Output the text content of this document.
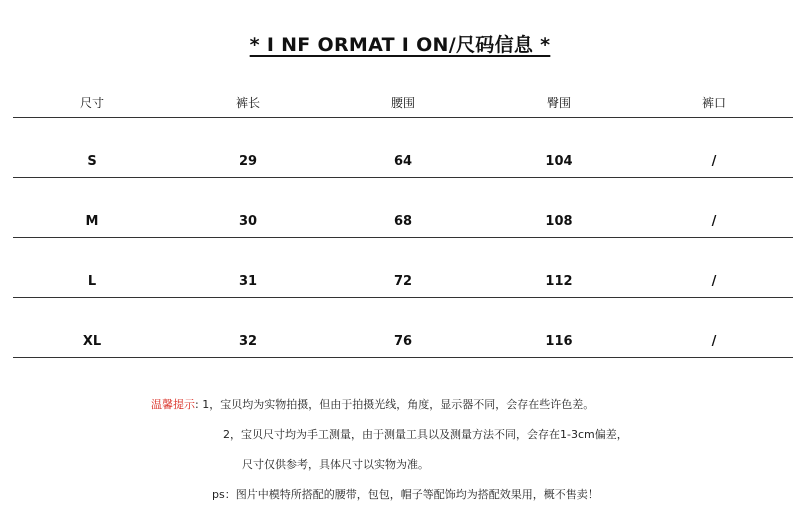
* I NF ORMAT I ON/尺码信息 *
尺寸	裤长	腰围	臀围	裤口
S	29	64	104	/
M	30	68	108	/
L	31	72	112	/
XL	32	76	116	/
温馨提示: 1，宝贝均为实物拍摄，但由于拍摄光线，角度，显示器不同，会存在些许色差。
2，宝贝尺寸均为手工测量，由于测量工具以及测量方法不同，会存在1-3cm偏差，
尺寸仅供参考，具体尺寸以实物为准。
ps：图片中模特所搭配的腰带，包包，帽子等配饰均为搭配效果用，概不售卖！
